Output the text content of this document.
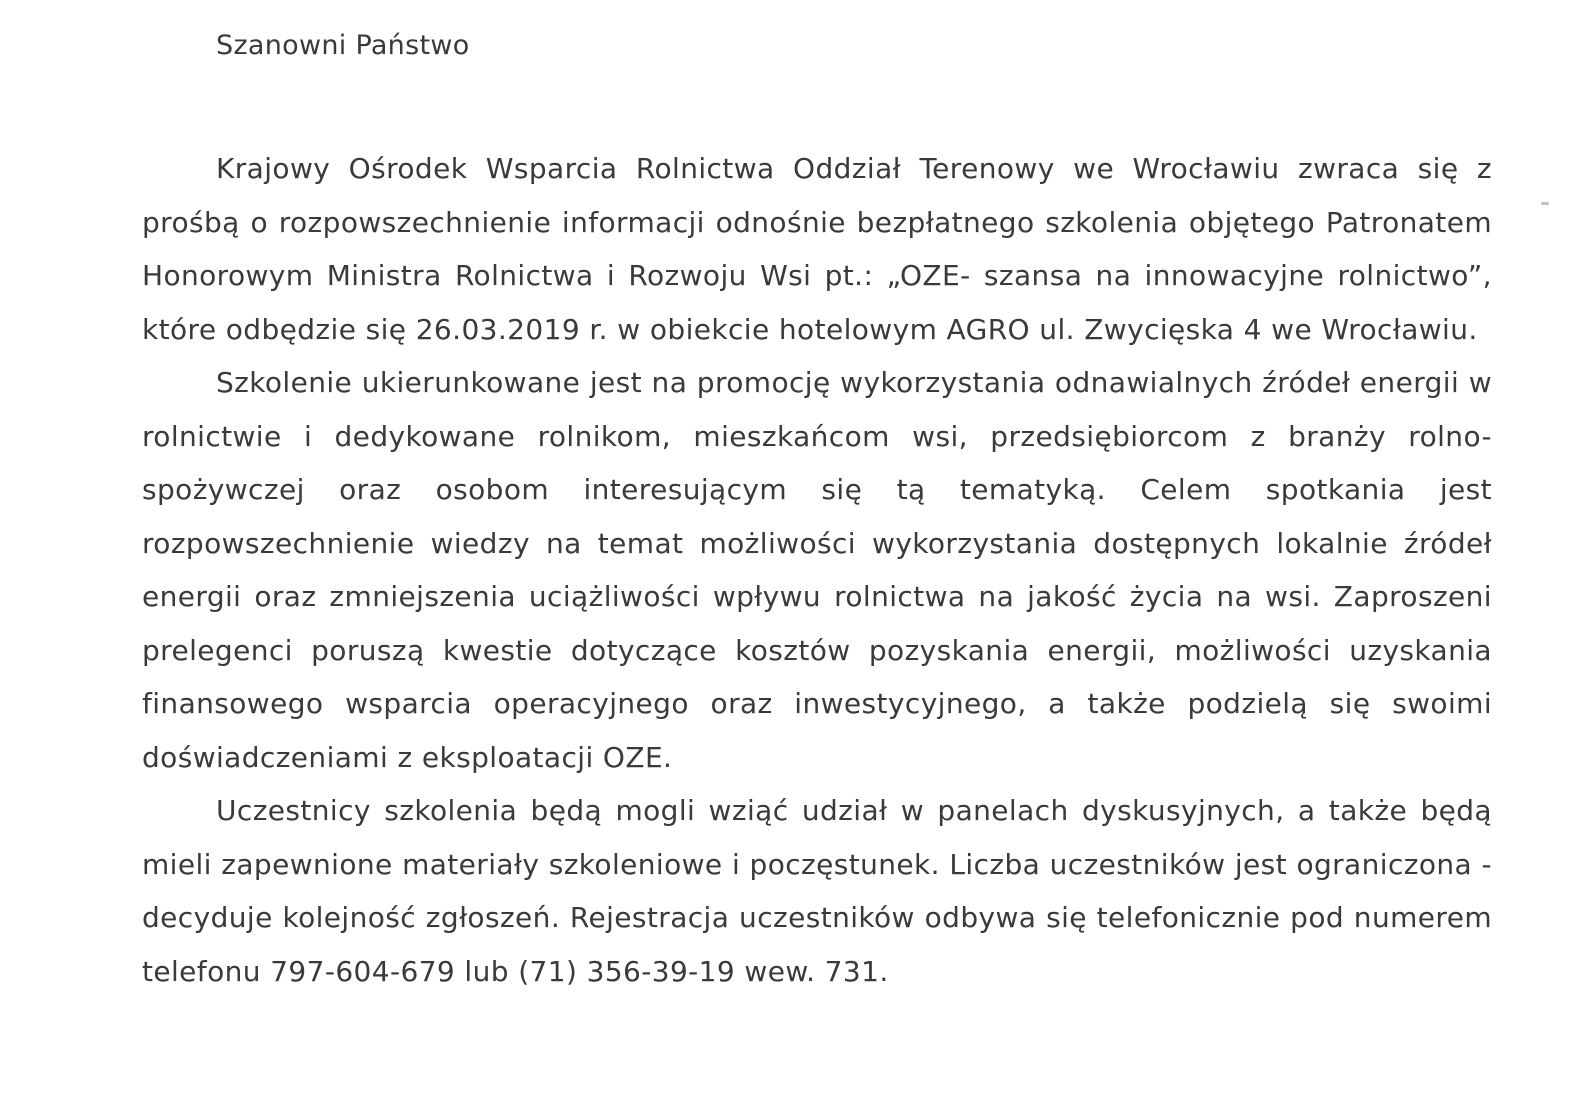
Szanowni Państwo

Krajowy Ośrodek Wsparcia Rolnictwa Oddział Terenowy we Wrocławiu zwraca się z prośbą o rozpowszechnienie informacji odnośnie bezpłatnego szkolenia objętego Patronatem Honorowym Ministra Rolnictwa i Rozwoju Wsi pt.: „OZE- szansa na innowacyjne rolnictwo”, które odbędzie się 26.03.2019 r. w obiekcie hotelowym AGRO ul. Zwycięska 4 we Wrocławiu.

Szkolenie ukierunkowane jest na promocję wykorzystania odnawialnych źródeł energii w rolnictwie i dedykowane rolnikom, mieszkańcom wsi, przedsiębiorcom z branży rolno-spożywczej oraz osobom interesującym się tą tematyką. Celem spotkania jest rozpowszechnienie wiedzy na temat możliwości wykorzystania dostępnych lokalnie źródeł energii oraz zmniejszenia uciążliwości wpływu rolnictwa na jakość życia na wsi. Zaproszeni prelegenci poruszą kwestie dotyczące kosztów pozyskania energii, możliwości uzyskania finansowego wsparcia operacyjnego oraz inwestycyjnego, a także podzielą się swoimi doświadczeniami z eksploatacji OZE.

Uczestnicy szkolenia będą mogli wziąć udział w panelach dyskusyjnych, a także będą mieli zapewnione materiały szkoleniowe i poczęstunek. Liczba uczestników jest ograniczona - decyduje kolejność zgłoszeń. Rejestracja uczestników odbywa się telefonicznie pod numerem telefonu 797-604-679 lub (71) 356-39-19 wew. 731.
